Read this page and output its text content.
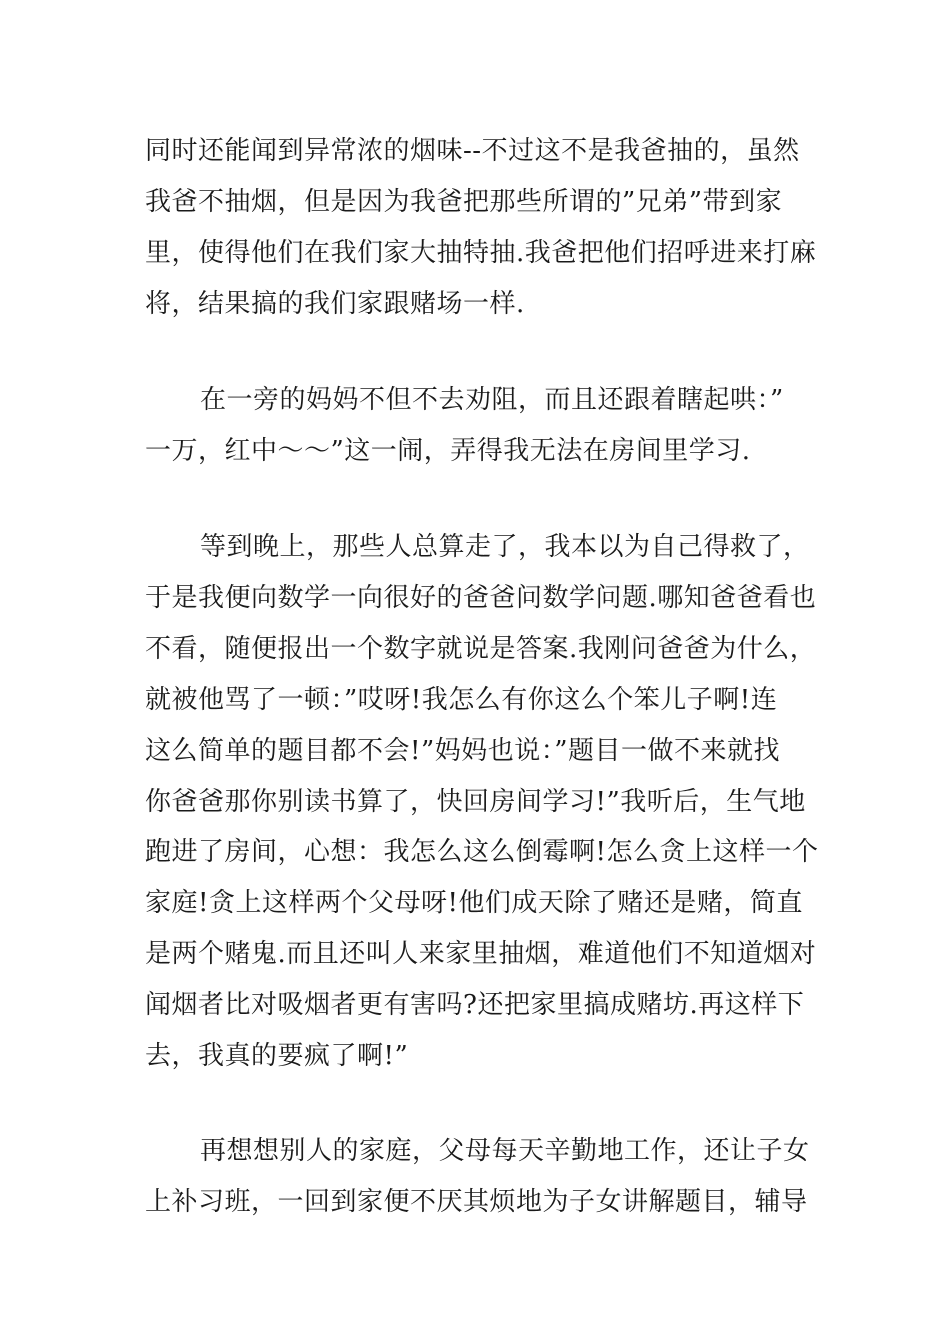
同时还能闻到异常浓的烟味--不过这不是我爸抽的，虽然
我爸不抽烟，但是因为我爸把那些所谓的”兄弟”带到家
里，使得他们在我们家大抽特抽.我爸把他们招呼进来打麻
将，结果搞的我们家跟赌场一样.
在一旁的妈妈不但不去劝阻，而且还跟着瞎起哄：”
一万，红中～～”这一闹，弄得我无法在房间里学习.
等到晚上，那些人总算走了，我本以为自己得救了，
于是我便向数学一向很好的爸爸问数学问题.哪知爸爸看也
不看，随便报出一个数字就说是答案.我刚问爸爸为什么，
就被他骂了一顿：”哎呀!我怎么有你这么个笨儿子啊!连
这么简单的题目都不会!”妈妈也说：”题目一做不来就找
你爸爸那你别读书算了，快回房间学习!”我听后，生气地
跑进了房间，心想：我怎么这么倒霉啊!怎么贪上这样一个
家庭!贪上这样两个父母呀!他们成天除了赌还是赌，简直
是两个赌鬼.而且还叫人来家里抽烟，难道他们不知道烟对
闻烟者比对吸烟者更有害吗?还把家里搞成赌坊.再这样下
去，我真的要疯了啊!”
再想想别人的家庭，父母每天辛勤地工作，还让子女
上补习班，一回到家便不厌其烦地为子女讲解题目，辅导
